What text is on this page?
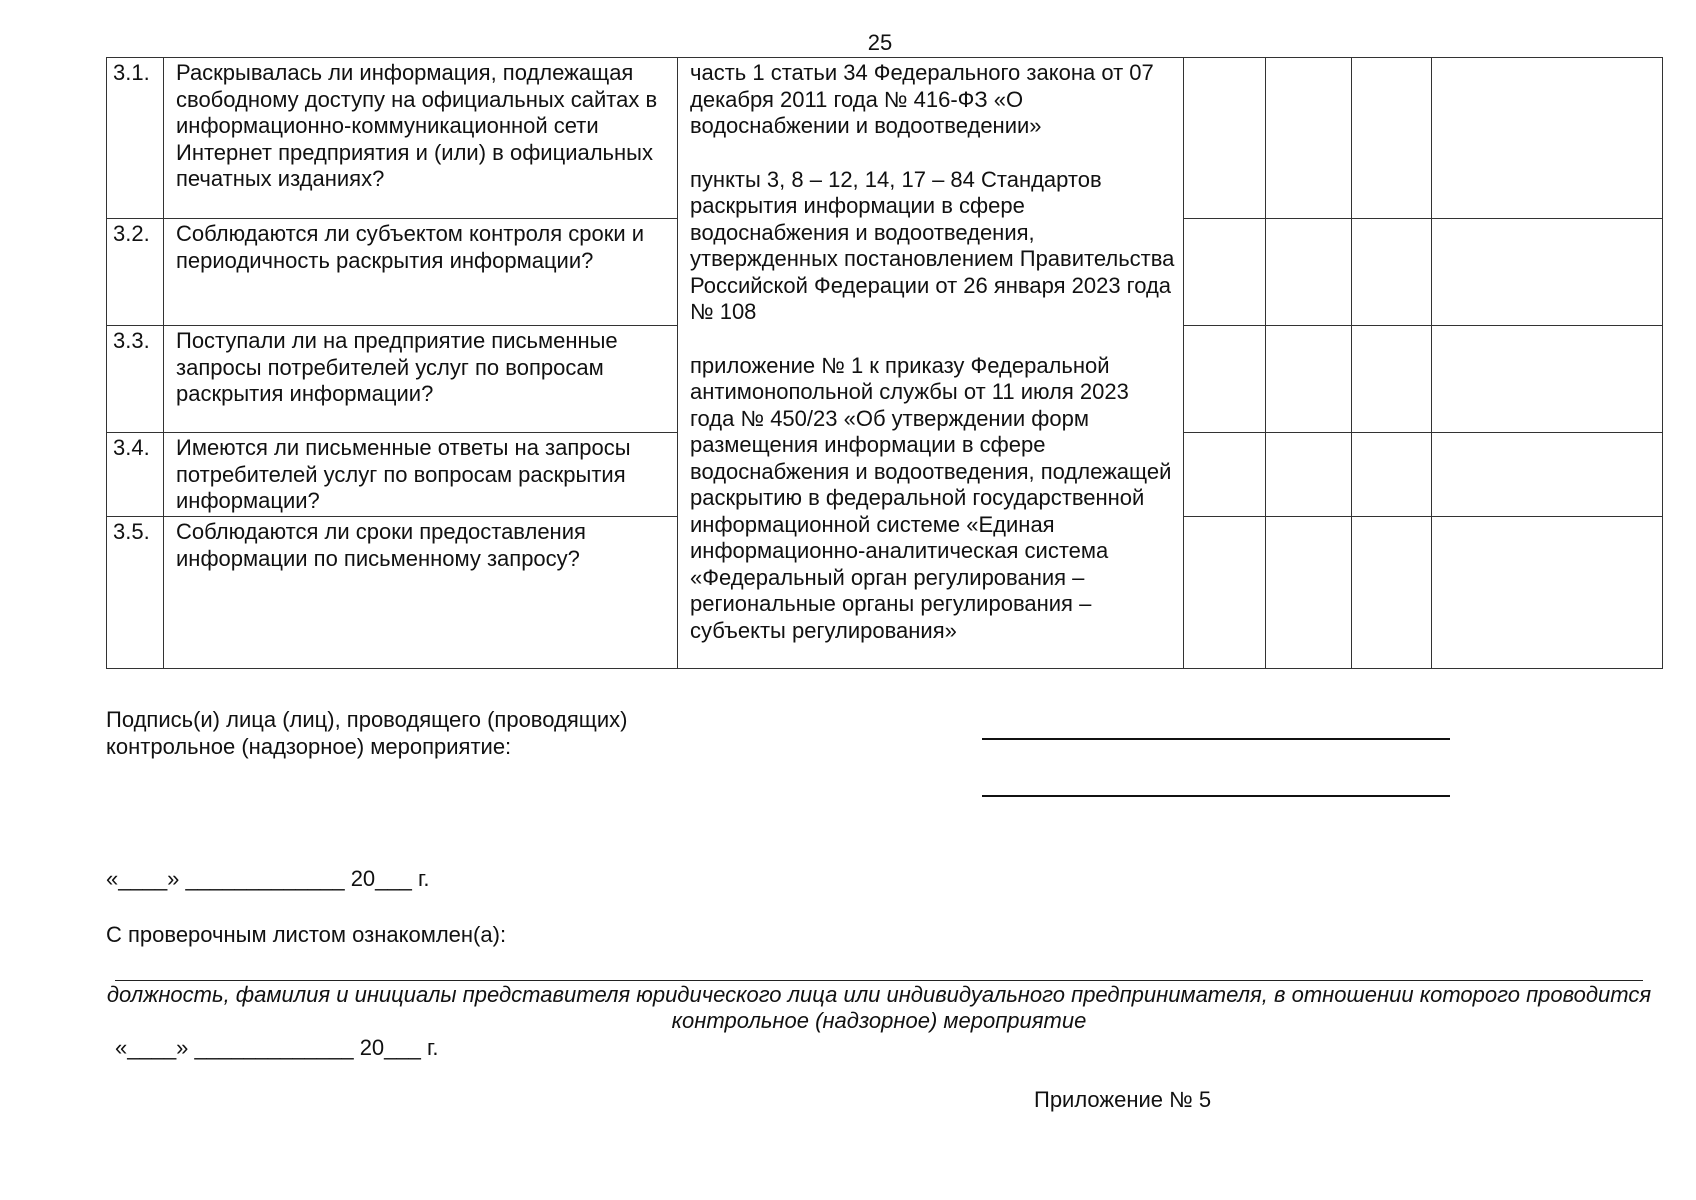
25
3.1.	Раскрывалась ли информация, подлежащая свободному доступу на официальных сайтах в информационно-коммуникационной сети Интернет предприятия и (или) в официальных печатных изданиях?	часть 1 статьи 34 Федерального закона от 07 декабря 2011 года № 416-ФЗ «О водоснабжении и водоотведении»
пункты 3, 8 – 12, 14, 17 – 84 Стандартов раскрытия информации в сфере водоснабжения и водоотведения, утвержденных постановлением Правительства Российской Федерации от 26 января 2023 года № 108
приложение № 1 к приказу Федеральной антимонопольной службы от 11 июля 2023 года № 450/23 «Об утверждении форм размещения информации в сфере водоснабжения и водоотведения, подлежащей раскрытию в федеральной государственной информационной системе «Единая информационно-аналитическая система «Федеральный орган регулирования – региональные органы регулирования – субъекты регулирования»				

3.2.	Соблюдаются ли субъектом контроля сроки и периодичность раскрытия информации?					
3.3.	Поступали ли на предприятие письменные запросы потребителей услуг по вопросам раскрытия информации?					
3.4.	Имеются ли письменные ответы на запросы потребителей услуг по вопросам раскрытия информации?					
3.5.	Соблюдаются ли сроки предоставления информации по письменному запросу?					
Подпись(и) лица (лиц), проводящего (проводящих) контрольное (надзорное) мероприятие:
«____» _____________ 20___ г.
С проверочным листом ознакомлен(а):
должность, фамилия и инициалы представителя юридического лица или индивидуального предпринимателя, в отношении которого проводится контрольное (надзорное) мероприятие
«____» _____________ 20___ г.
Приложение № 5
